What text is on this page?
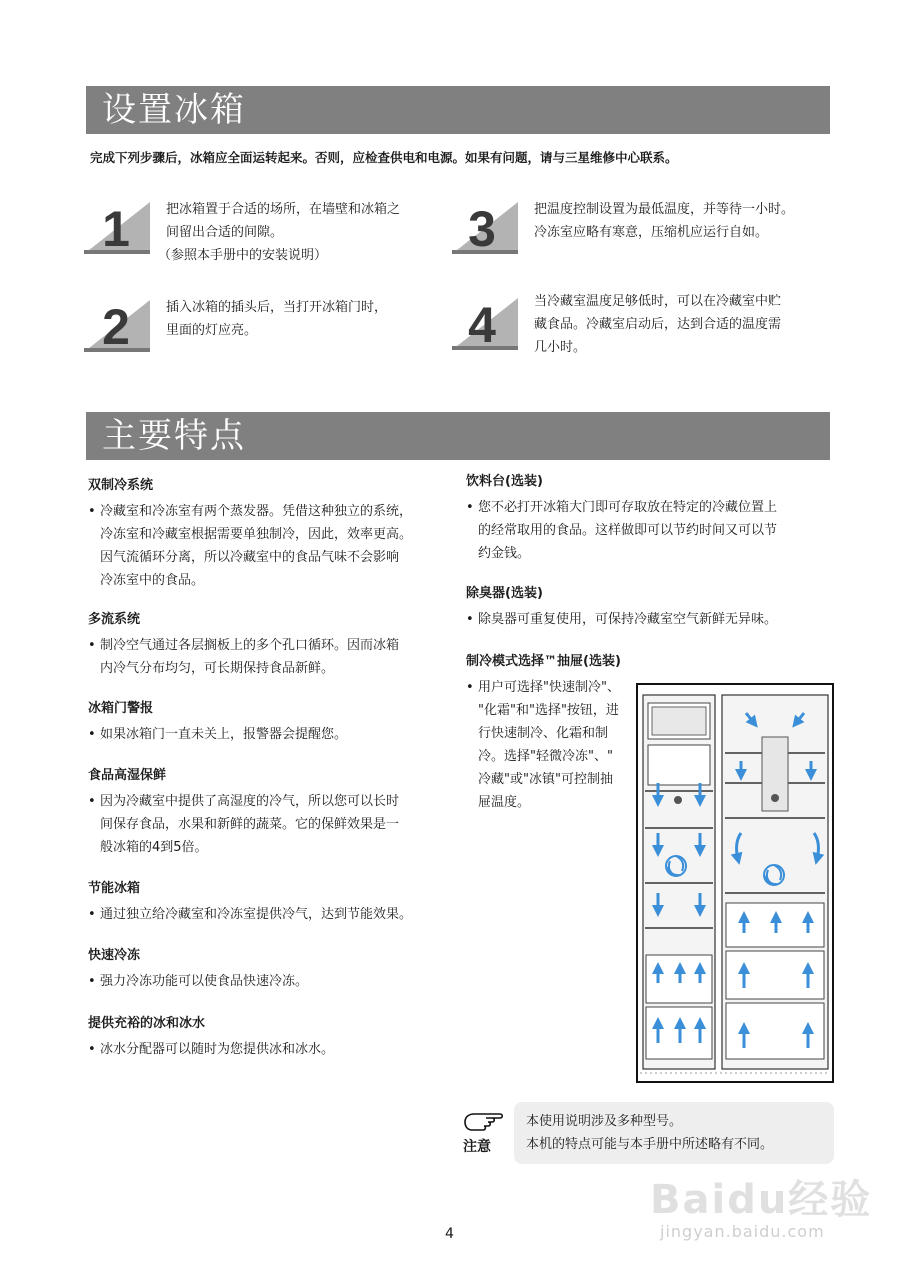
设置冰箱
完成下列步骤后，冰箱应全面运转起来。否则，应检查供电和电源。如果有问题，请与三星维修中心联系。
1	把冰箱置于合适的场所，在墙壁和冰箱之
间留出合适的间隙。
（参照本手册中的安装说明）
2	插入冰箱的插头后，当打开冰箱门时，
里面的灯应亮。
3	把温度控制设置为最低温度，并等待一小时。
冷冻室应略有寒意，压缩机应运行自如。
4	当冷藏室温度足够低时，可以在冷藏室中贮
藏食品。冷藏室启动后，达到合适的温度需
几小时。
主要特点
双制冷系统
• 冷藏室和冷冻室有两个蒸发器。凭借这种独立的系统，
冷冻室和冷藏室根据需要单独制冷，因此，效率更高。
因气流循环分离，所以冷藏室中的食品气味不会影响
冷冻室中的食品。
多流系统
• 制冷空气通过各层搁板上的多个孔口循环。因而冰箱
内冷气分布均匀，可长期保持食品新鲜。
冰箱门警报
• 如果冰箱门一直未关上，报警器会提醒您。
食品高湿保鲜
• 因为冷藏室中提供了高湿度的冷气，所以您可以长时
间保存食品，水果和新鲜的蔬菜。它的保鲜效果是一
般冰箱的4到5倍。
节能冰箱
• 通过独立给冷藏室和冷冻室提供冷气，达到节能效果。
快速冷冻
• 强力冷冻功能可以使食品快速冷冻。
提供充裕的冰和冰水
• 冰水分配器可以随时为您提供冰和冰水。
饮料台(选装)
• 您不必打开冰箱大门即可存取放在特定的冷藏位置上
的经常取用的食品。这样做即可以节约时间又可以节
约金钱。
除臭器(选装)
• 除臭器可重复使用，可保持冷藏室空气新鲜无异味。
制冷模式选择™抽屉(选装)
• 用户可选择"快速制冷"、
"化霜"和"选择"按钮，进
行快速制冷、化霜和制
冷。选择"轻微冷冻"、"
冷藏"或"冰镇"可控制抽
屉温度。
注意
本使用说明涉及多种型号。
本机的特点可能与本手册中所述略有不同。
4
Baidu经验
jingyan.baidu.com
